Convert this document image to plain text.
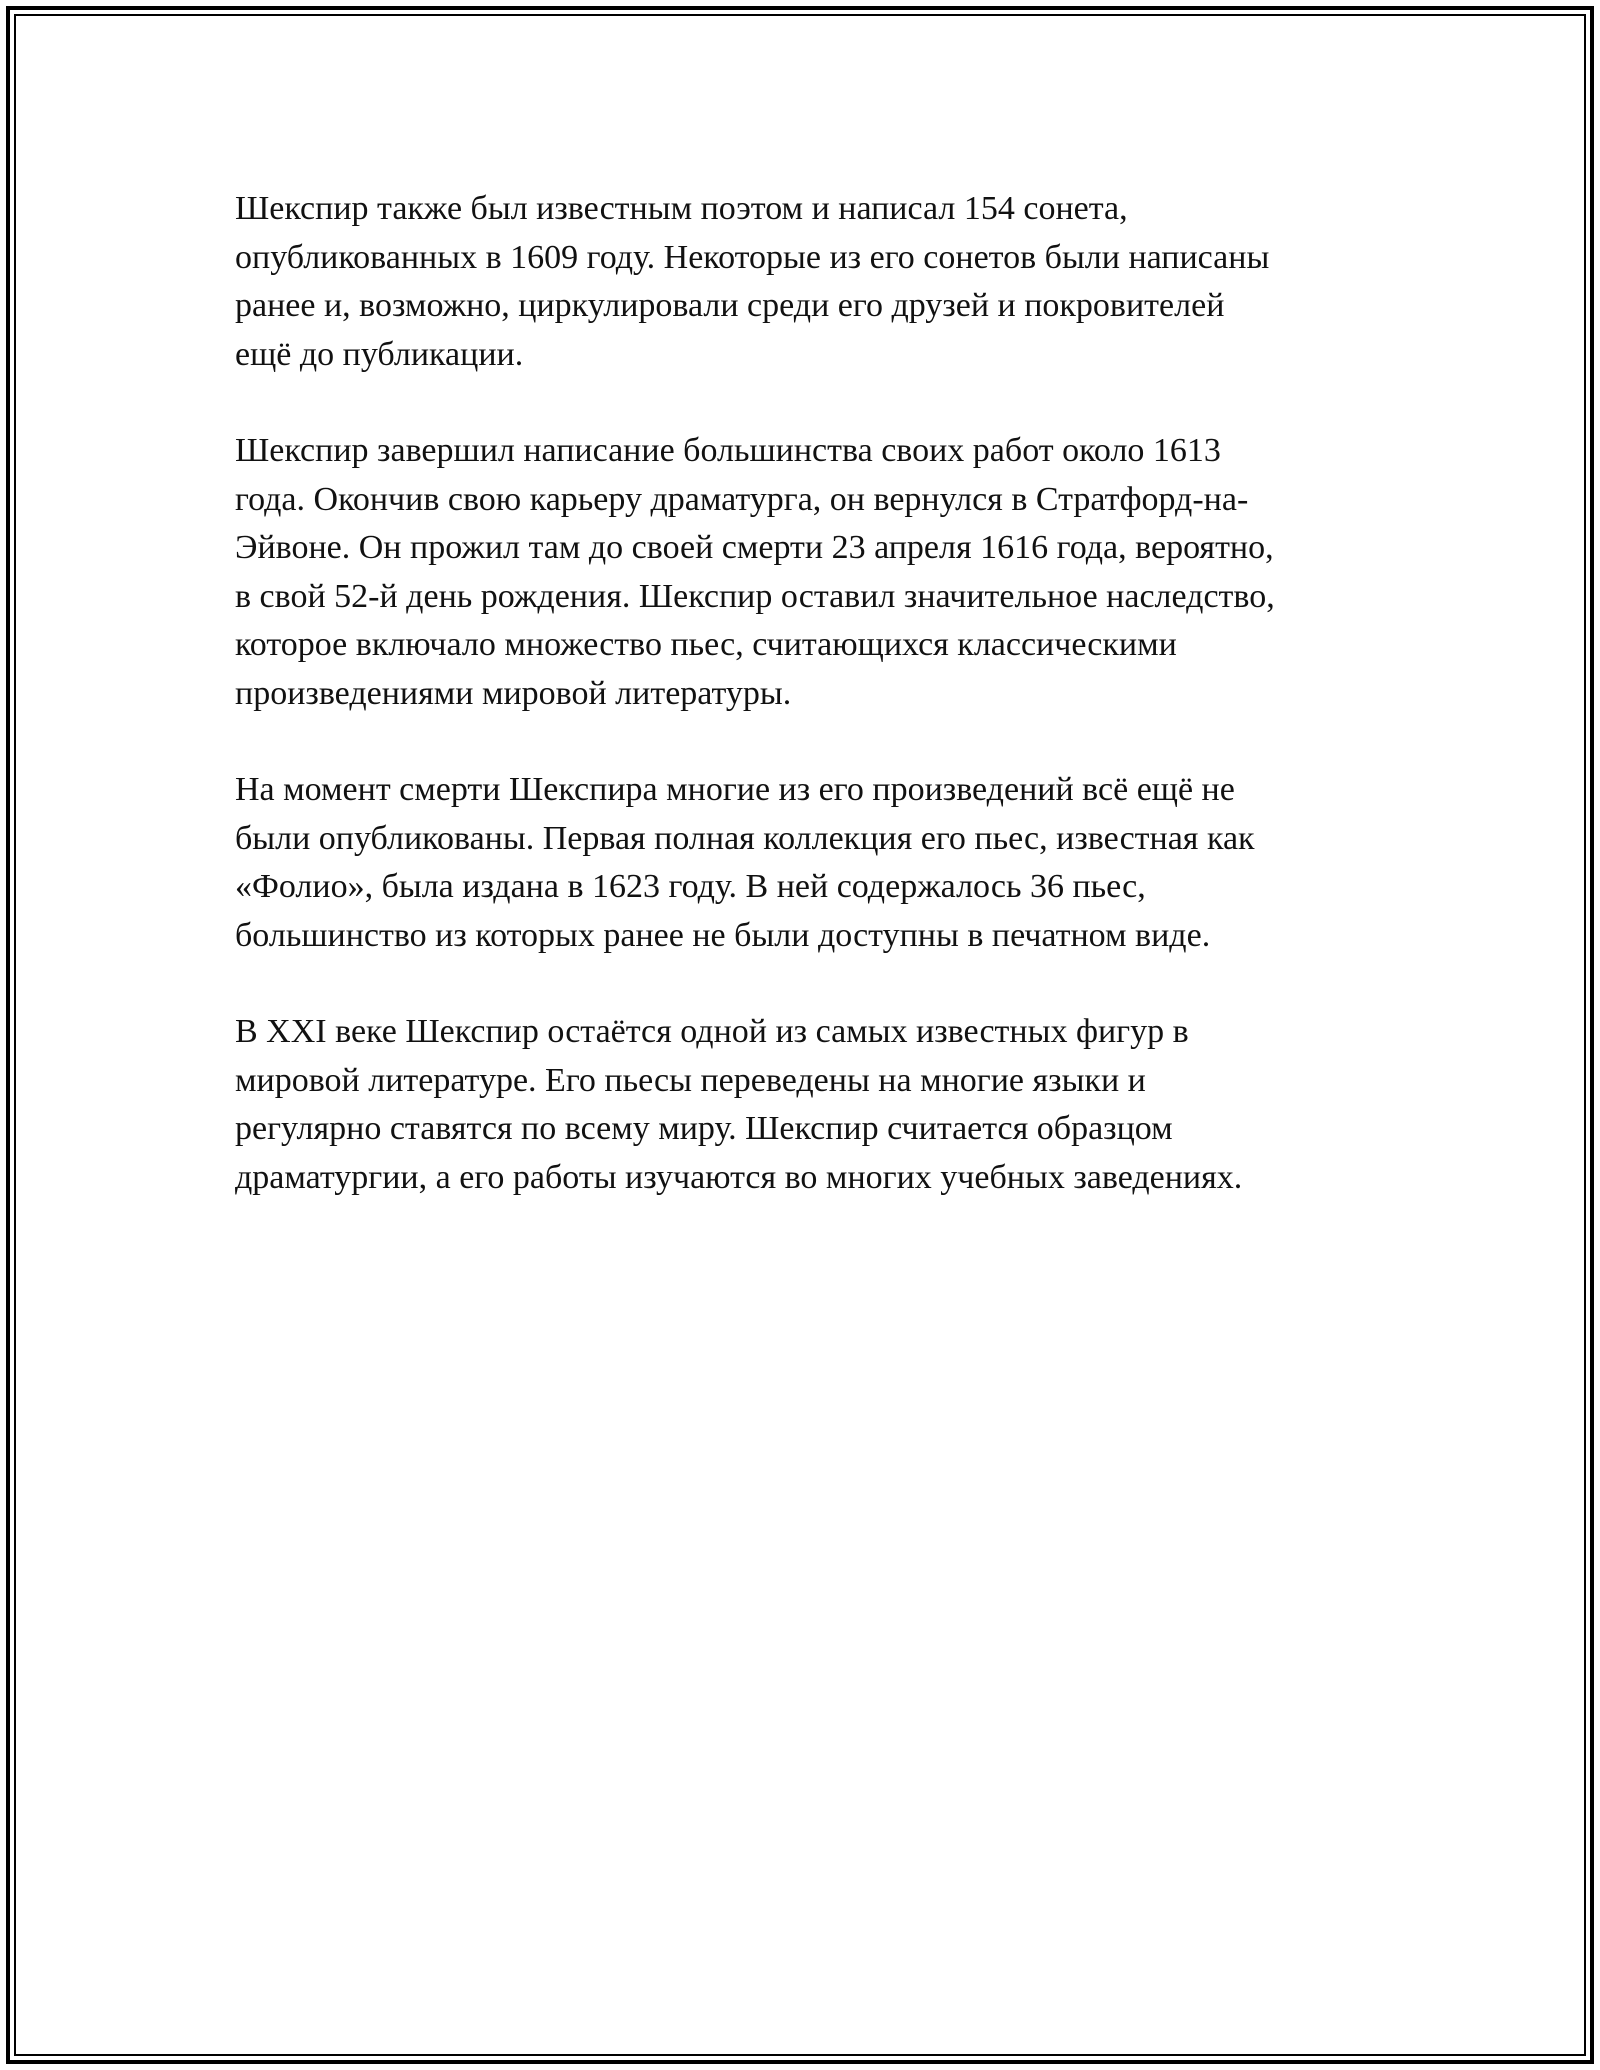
Шекспир также был известным поэтом и написал 154 сонета,
опубликованных в 1609 году. Некоторые из его сонетов были написаны
ранее и, возможно, циркулировали среди его друзей и покровителей
ещё до публикации.

Шекспир завершил написание большинства своих работ около 1613
года. Окончив свою карьеру драматурга, он вернулся в Стратфорд-на-
Эйвоне. Он прожил там до своей смерти 23 апреля 1616 года, вероятно,
в свой 52-й день рождения. Шекспир оставил значительное наследство,
которое включало множество пьес, считающихся классическими
произведениями мировой литературы.

На момент смерти Шекспира многие из его произведений всё ещё не
были опубликованы. Первая полная коллекция его пьес, известная как
«Фолио», была издана в 1623 году. В ней содержалось 36 пьес,
большинство из которых ранее не были доступны в печатном виде.

В XXI веке Шекспир остаётся одной из самых известных фигур в
мировой литературе. Его пьесы переведены на многие языки и
регулярно ставятся по всему миру. Шекспир считается образцом
драматургии, а его работы изучаются во многих учебных заведениях.
